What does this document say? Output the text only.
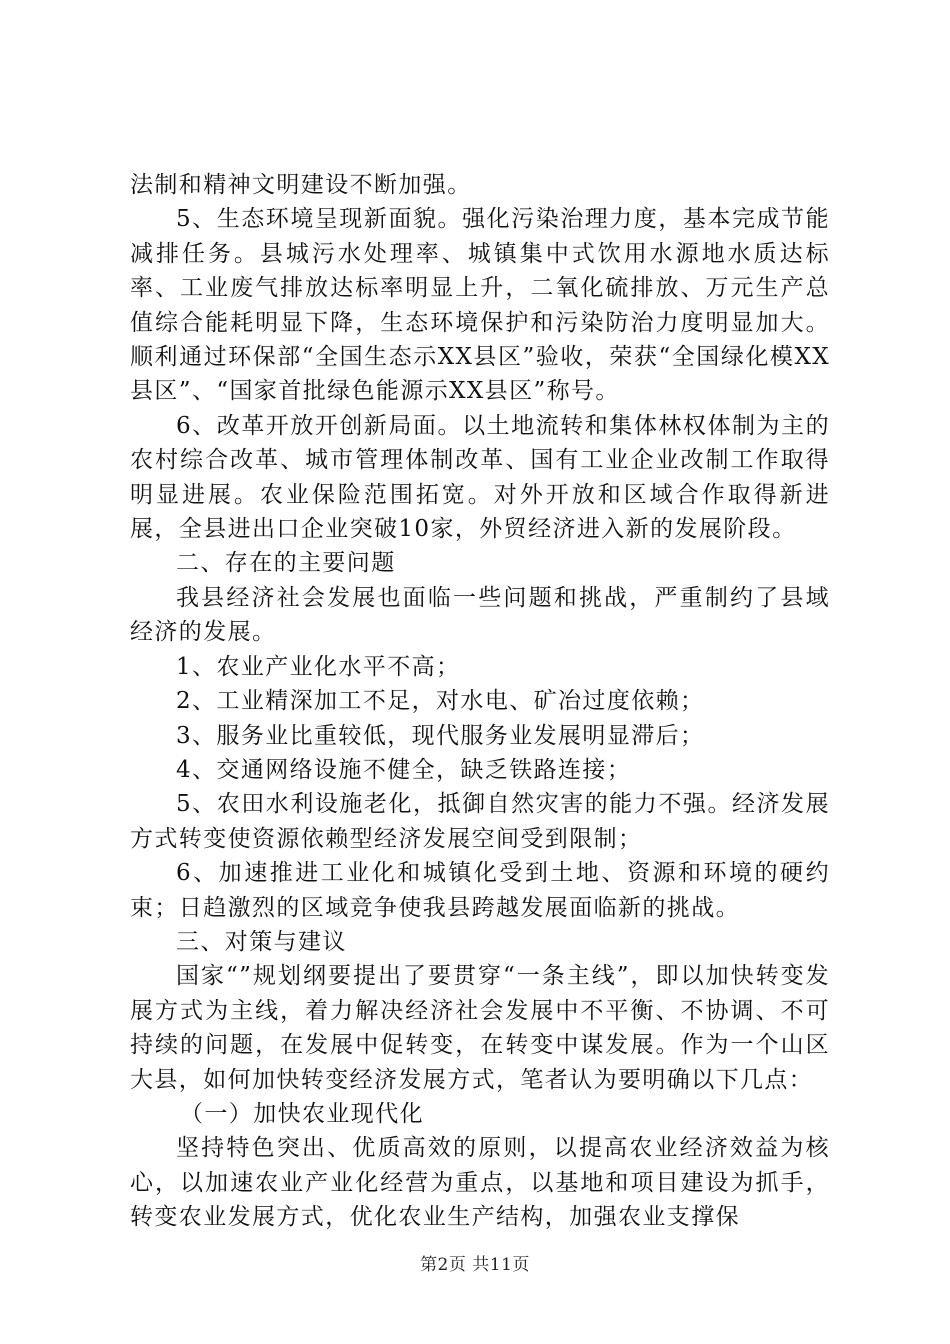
法制和精神文明建设不断加强。

5、生态环境呈现新面貌。强化污染治理力度，基本完成节能减排任务。县城污水处理率、城镇集中式饮用水源地水质达标率、工业废气排放达标率明显上升，二氧化硫排放、万元生产总值综合能耗明显下降，生态环境保护和污染防治力度明显加大。顺利通过环保部“全国生态示XX县区”验收，荣获“全国绿化模XX县区”、“国家首批绿色能源示XX县区”称号。

6、改革开放开创新局面。以土地流转和集体林权体制为主的农村综合改革、城市管理体制改革、国有工业企业改制工作取得明显进展。农业保险范围拓宽。对外开放和区域合作取得新进展，全县进出口企业突破10家，外贸经济进入新的发展阶段。

二、存在的主要问题

我县经济社会发展也面临一些问题和挑战，严重制约了县域经济的发展。

1、农业产业化水平不高；

2、工业精深加工不足，对水电、矿冶过度依赖；

3、服务业比重较低，现代服务业发展明显滞后；

4、交通网络设施不健全，缺乏铁路连接；

5、农田水利设施老化，抵御自然灾害的能力不强。经济发展方式转变使资源依赖型经济发展空间受到限制；

6、加速推进工业化和城镇化受到土地、资源和环境的硬约束；日趋激烈的区域竞争使我县跨越发展面临新的挑战。

三、对策与建议

国家“”规划纲要提出了要贯穿“一条主线”，即以加快转变发展方式为主线，着力解决经济社会发展中不平衡、不协调、不可持续的问题，在发展中促转变，在转变中谋发展。作为一个山区大县，如何加快转变经济发展方式，笔者认为要明确以下几点：

（一）加快农业现代化

坚持特色突出、优质高效的原则，以提高农业经济效益为核心，以加速农业产业化经营为重点，以基地和项目建设为抓手，转变农业发展方式，优化农业生产结构，加强农业支撑保

第2页 共11页
